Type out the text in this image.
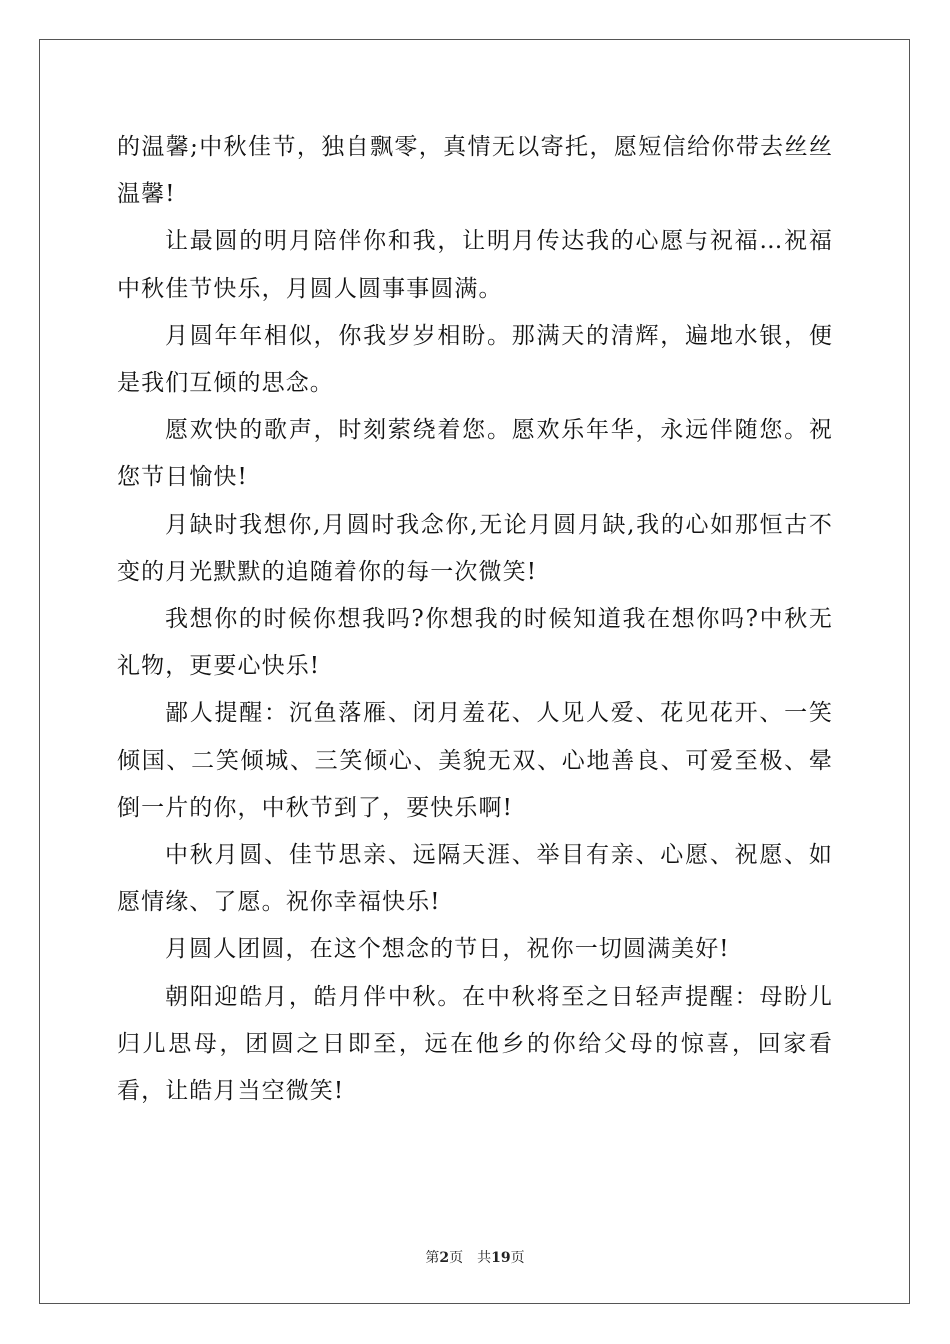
的温馨;中秋佳节，独自飘零，真情无以寄托，愿短信给你带去丝丝温馨!

让最圆的明月陪伴你和我，让明月传达我的心愿与祝福…祝福中秋佳节快乐，月圆人圆事事圆满。

月圆年年相似，你我岁岁相盼。那满天的清辉，遍地水银，便是我们互倾的思念。

愿欢快的歌声，时刻萦绕着您。愿欢乐年华，永远伴随您。祝您节日愉快!

月缺时我想你,月圆时我念你,无论月圆月缺,我的心如那恒古不变的月光默默的追随着你的每一次微笑!

我想你的时候你想我吗?你想我的时候知道我在想你吗?中秋无礼物，更要心快乐!

鄙人提醒：沉鱼落雁、闭月羞花、人见人爱、花见花开、一笑倾国、二笑倾城、三笑倾心、美貌无双、心地善良、可爱至极、晕倒一片的你，中秋节到了，要快乐啊!

中秋月圆、佳节思亲、远隔天涯、举目有亲、心愿、祝愿、如愿情缘、了愿。祝你幸福快乐!

月圆人团圆，在这个想念的节日，祝你一切圆满美好!

朝阳迎皓月，皓月伴中秋。在中秋将至之日轻声提醒：母盼儿归儿思母，团圆之日即至，远在他乡的你给父母的惊喜，回家看看，让皓月当空微笑!

第2页 共19页
